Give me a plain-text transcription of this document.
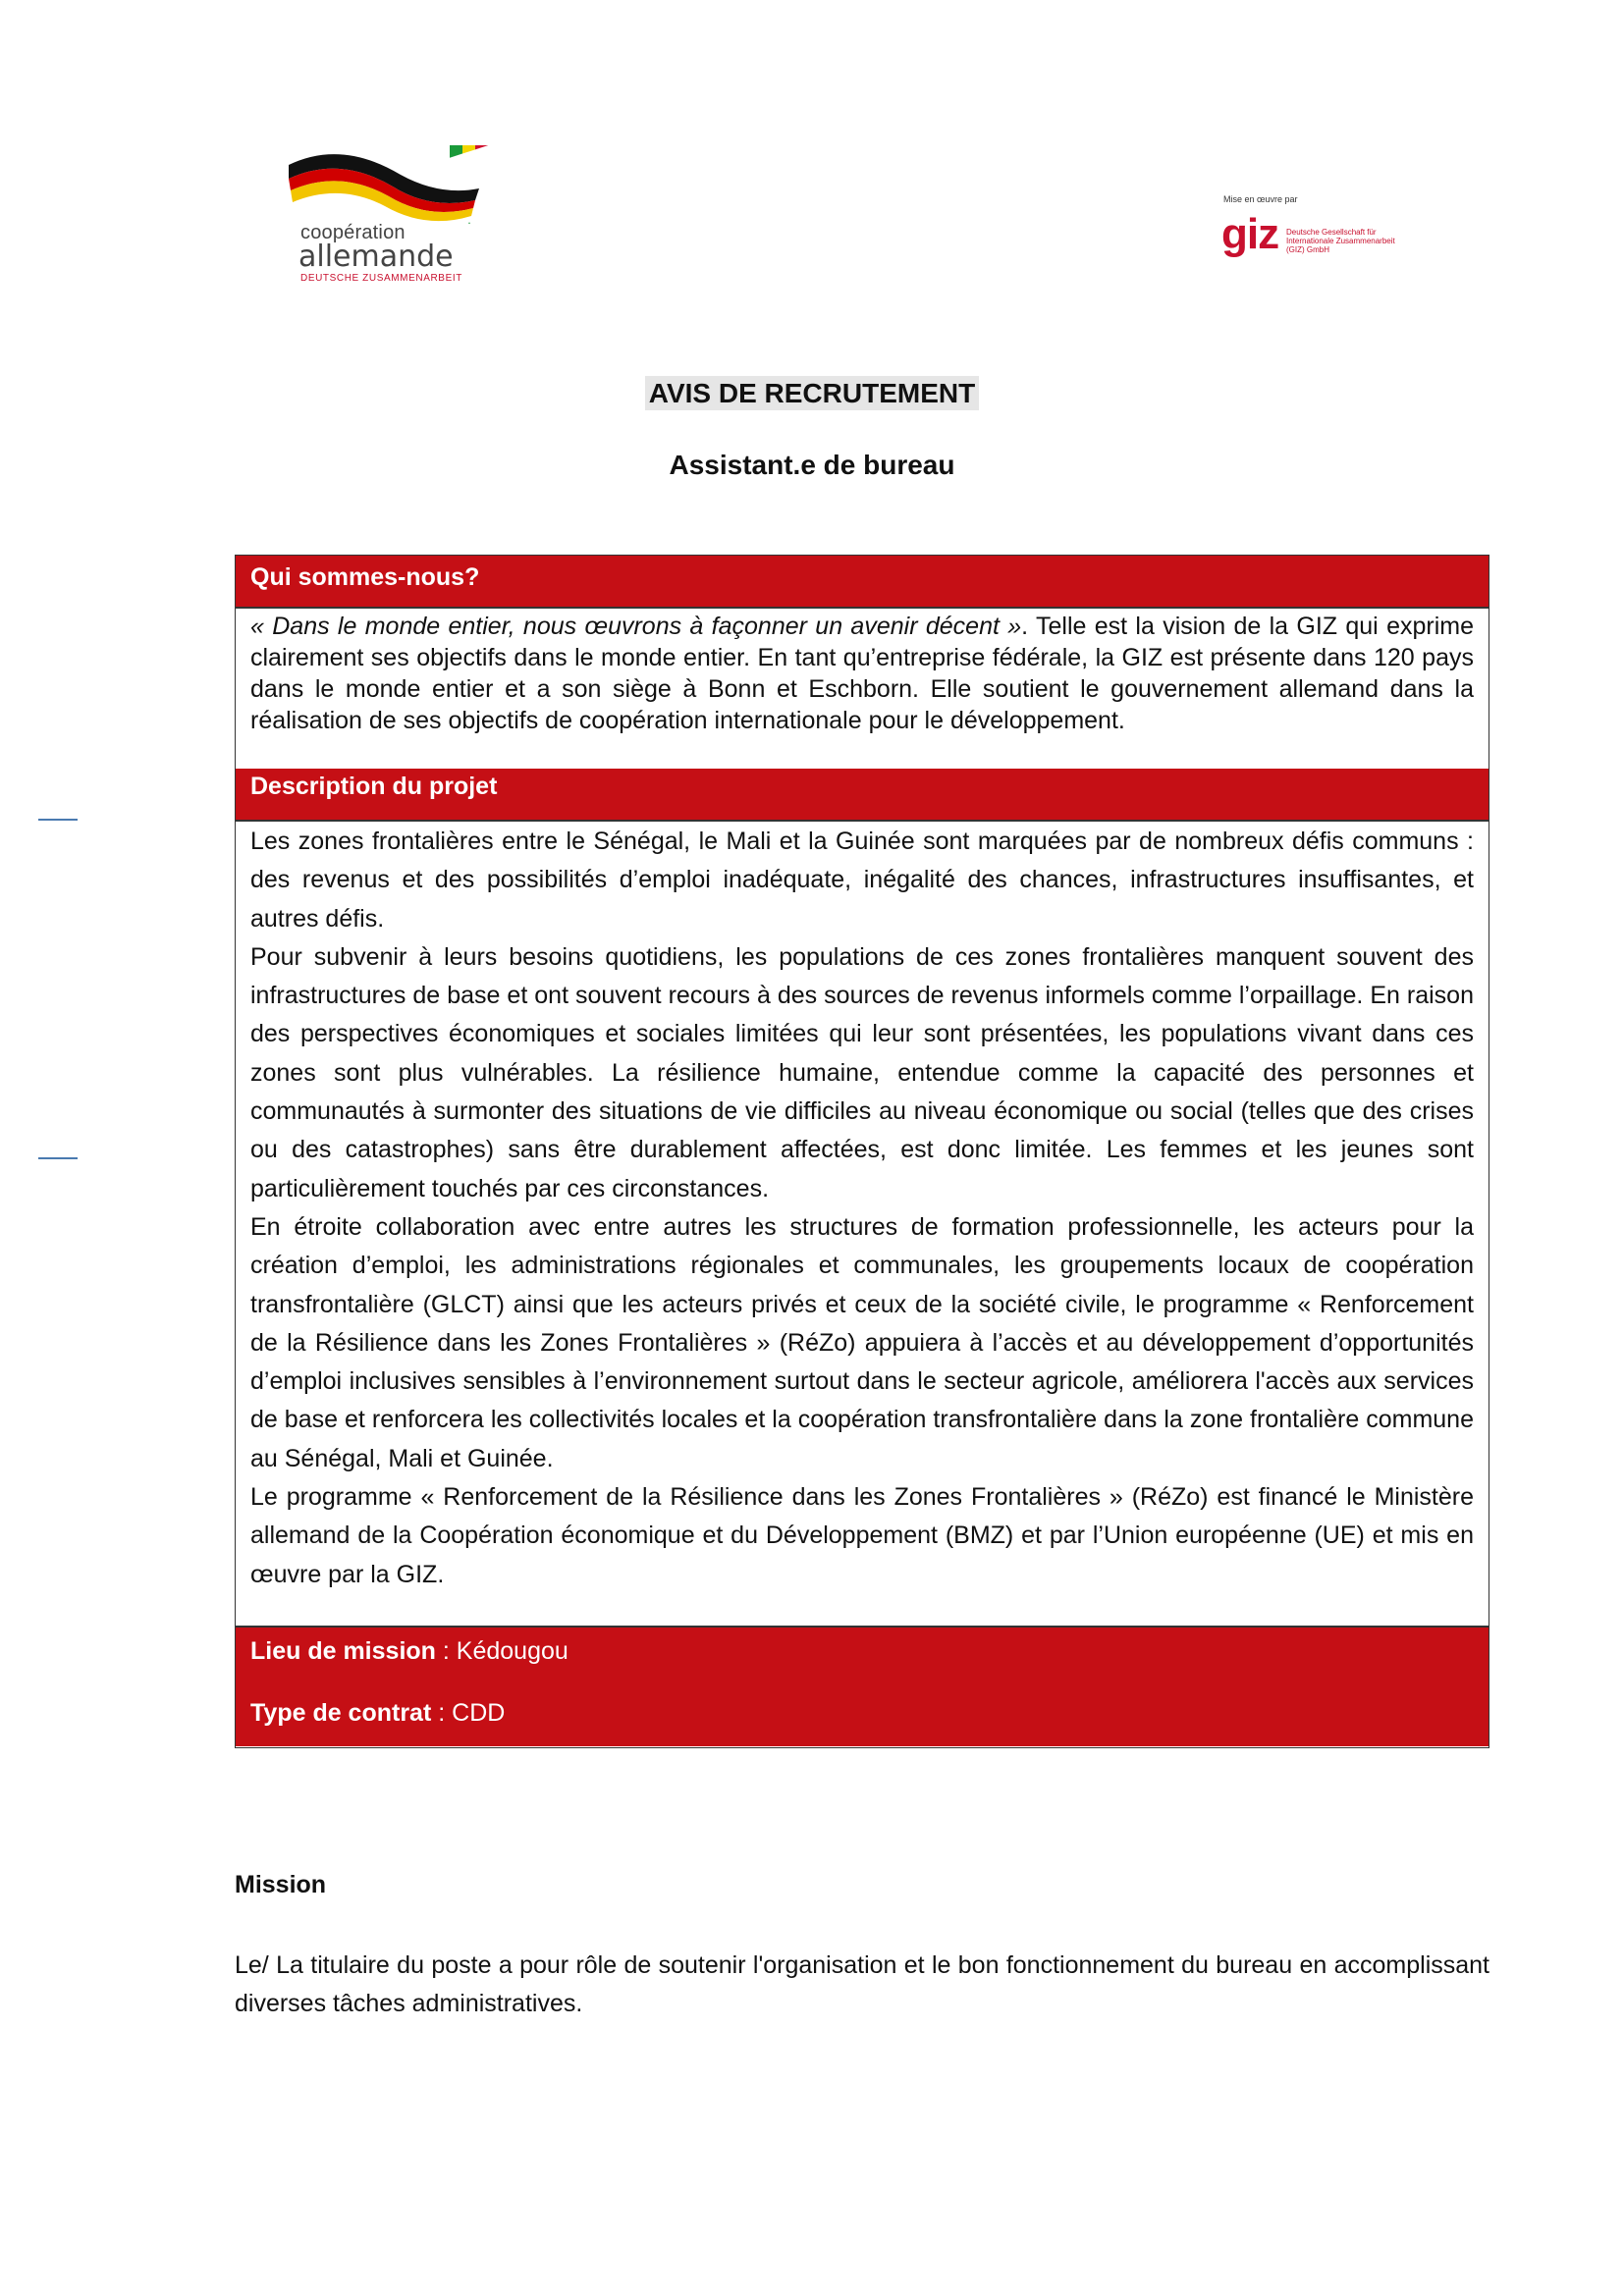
coopération
allemande
DEUTSCHE ZUSAMMENARBEIT
Mise en œuvre par
giz Deutsche Gesellschaft für Internationale Zusammenarbeit (GIZ) GmbH
AVIS DE RECRUTEMENT
Assistant.e de bureau
Qui sommes-nous?

« Dans le monde entier, nous œuvrons à façonner un avenir décent ». Telle est la vision de la GIZ qui exprime clairement ses objectifs dans le monde entier. En tant qu’entreprise fédérale, la GIZ est présente dans 120 pays dans le monde entier et a son siège à Bonn et Eschborn. Elle soutient le gouvernement allemand dans la réalisation de ses objectifs de coopération internationale pour le développement.

Description du projet

Les zones frontalières entre le Sénégal, le Mali et la Guinée sont marquées par de nombreux défis communs : des revenus et des possibilités d’emploi inadéquate, inégalité des chances, infrastructures insuffisantes, et autres défis.

Pour subvenir à leurs besoins quotidiens, les populations de ces zones frontalières manquent souvent des infrastructures de base et ont souvent recours à des sources de revenus informels comme l’orpaillage. En raison des perspectives économiques et sociales limitées qui leur sont présentées, les populations vivant dans ces zones sont plus vulnérables. La résilience humaine, entendue comme la capacité des personnes et communautés à surmonter des situations de vie difficiles au niveau économique ou social (telles que des crises ou des catastrophes) sans être durablement affectées, est donc limitée. Les femmes et les jeunes sont particulièrement touchés par ces circonstances.

En étroite collaboration avec entre autres les structures de formation professionnelle, les acteurs pour la création d’emploi, les administrations régionales et communales, les groupements locaux de coopération transfrontalière (GLCT) ainsi que les acteurs privés et ceux de la société civile, le programme « Renforcement de la Résilience dans les Zones Frontalières » (RéZo) appuiera à l’accès et au développement d’opportunités d’emploi inclusives sensibles à l’environnement surtout dans le secteur agricole, améliorera l'accès aux services de base et renforcera les collectivités locales et la coopération transfrontalière dans la zone frontalière commune au Sénégal, Mali et Guinée.

Le programme « Renforcement de la Résilience dans les Zones Frontalières » (RéZo) est financé le Ministère allemand de la Coopération économique et du Développement (BMZ) et par l’Union européenne (UE) et mis en œuvre par la GIZ.

Lieu de mission : Kédougou
Type de contrat : CDD
Mission
Le/ La titulaire du poste a pour rôle de soutenir l'organisation et le bon fonctionnement du bureau en accomplissant diverses tâches administratives.
